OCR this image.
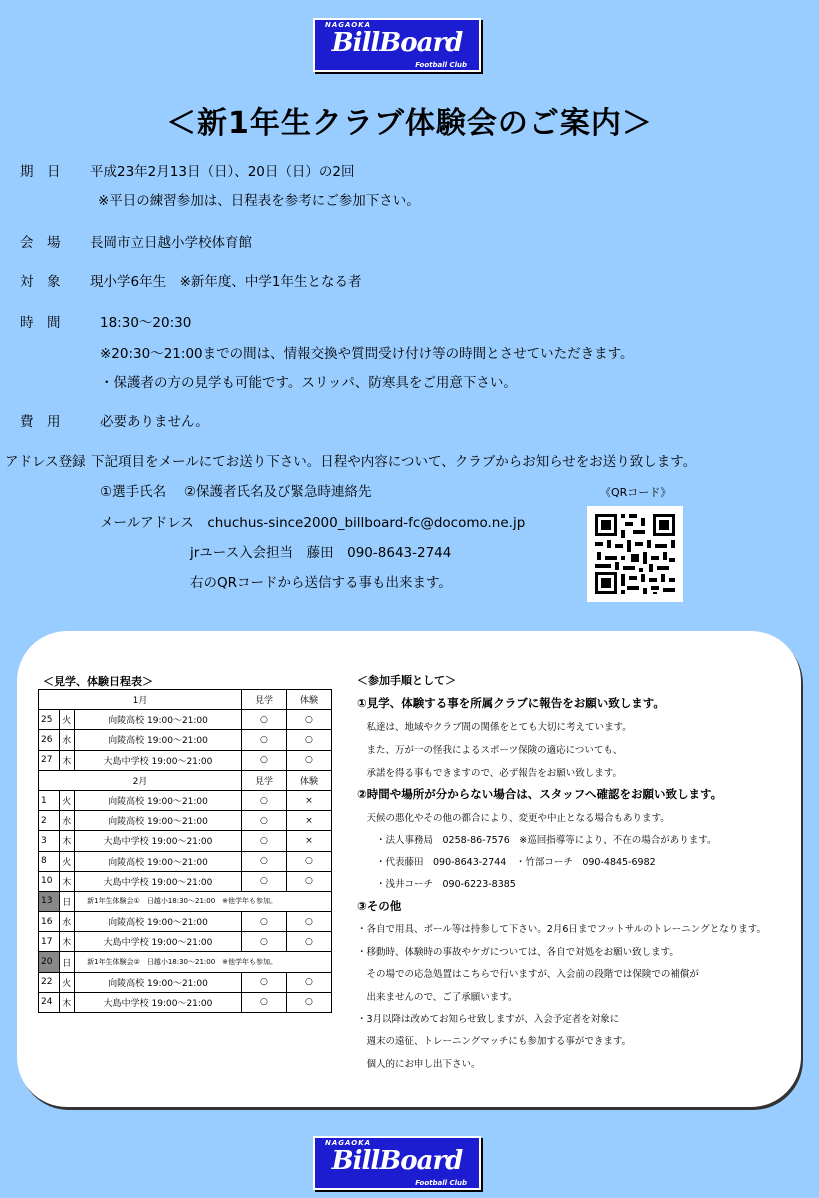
NAGAOKA
BillBoard
Football Club
＜新1年生クラブ体験会のご案内＞
期　日 平成23年2月13日（日）、20日（日）の2回
※平日の練習参加は、日程表を参考にご参加下さい。
会　場 長岡市立日越小学校体育館
対　象 現小学6年生　※新年度、中学1年生となる者
時　間	18:30〜20:30
※20:30〜21:00までの間は、情報交換や質問受け付け等の時間とさせていただきます。
・保護者の方の見学も可能です。スリッパ、防寒具をご用意下さい。
費　用	必要ありません。
アドレス登録 下記項目をメールにてお送り下さい。日程や内容について、クラブからお知らせをお送り致します。
①選手氏名　 ②保護者氏名及び緊急時連絡先	《QRコード》
メールアドレス　chuchus-since2000_billboard-fc@docomo.ne.jp
jrユース入会担当　藤田　090-8643-2744
右のQRコードから送信する事も出来ます。
＜見学、体験日程表＞
1月			見学	体験
25	火	向陵高校 19:00〜21:00	○	○
26	水	向陵高校 19:00〜21:00	○	○
27	木	大島中学校 19:00〜21:00	○	○
2月			見学	体験
1	火	向陵高校 19:00〜21:00	○	×
2	水	向陵高校 19:00〜21:00	○	×
3	木	大島中学校 19:00〜21:00	○	×
8	火	向陵高校 19:00〜21:00	○	○
10	木	大島中学校 19:00〜21:00	○	○
13	日	新1年生体験会①　日越小18:30〜21:00　※他学年も参加。		
16	水	向陵高校 19:00〜21:00	○	○
17	木	大島中学校 19:00〜21:00	○	○
20	日	新1年生体験会②　日越小18:30〜21:00　※他学年も参加。		
22	火	向陵高校 19:00〜21:00	○	○
24	木	大島中学校 19:00〜21:00	○	○
＜参加手順として＞
①見学、体験する事を所属クラブに報告をお願い致します。
　私達は、地域やクラブ間の関係をとても大切に考えています。
　また、万が一の怪我によるスポーツ保険の適応についても、
　承諾を得る事もできますので、必ず報告をお願い致します。
②時間や場所が分からない場合は、スタッフへ確認をお願い致します。
　天候の悪化やその他の都合により、変更や中止となる場合もあります。
　　・法人事務局　0258-86-7576　※巡回指導等により、不在の場合があります。
　　・代表藤田　090-8643-2744　・竹部コーチ　090-4845-6982
　　・浅井コーチ　090-6223-8385
③その他
・各自で用具、ボール等は持参して下さい。2月6日までフットサルのトレーニングとなります。
・移動時、体験時の事故やケガについては、各自で対処をお願い致します。
　その場での応急処置はこちらで行いますが、入会前の段階では保険での補償が
　出来ませんので、ご了承願います。
・3月以降は改めてお知らせ致しますが、入会予定者を対象に
　週末の遠征、トレーニングマッチにも参加する事ができます。
　個人的にお申し出下さい。
NAGAOKA
BillBoard
Football Club
